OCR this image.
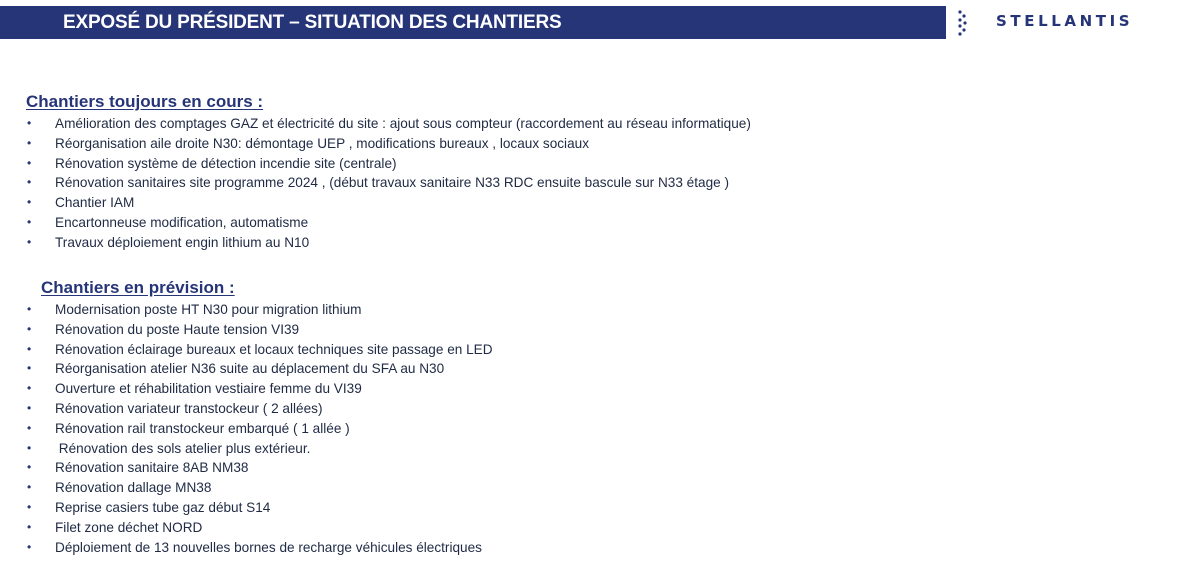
EXPOSÉ DU PRÉSIDENT – SITUATION DES CHANTIERS	STELLANTIS
Chantiers toujours en cours :
•	Amélioration des comptages GAZ et électricité du site : ajout sous compteur (raccordement au réseau informatique)
•	Réorganisation aile droite N30: démontage UEP , modifications bureaux , locaux sociaux
•	Rénovation système de détection incendie site (centrale)
•	Rénovation sanitaires site programme 2024 , (début travaux sanitaire N33 RDC ensuite bascule sur N33 étage )
•	Chantier IAM
•	Encartonneuse modification, automatisme
•	Travaux déploiement engin lithium au N10
Chantiers en prévision :
•	Modernisation poste HT N30 pour migration lithium
•	Rénovation du poste Haute tension VI39
•	Rénovation éclairage bureaux et locaux techniques site passage en LED
•	Réorganisation atelier N36 suite au déplacement du SFA au N30
•	Ouverture et réhabilitation vestiaire femme du VI39
•	Rénovation variateur transtockeur ( 2 allées)
•	Rénovation rail transtockeur embarqué ( 1 allée )
•	Rénovation des sols atelier plus extérieur.
•	Rénovation sanitaire 8AB NM38
•	Rénovation dallage MN38
•	Reprise casiers tube gaz début S14
•	Filet zone déchet NORD
•	Déploiement de 13 nouvelles bornes de recharge véhicules électriques
